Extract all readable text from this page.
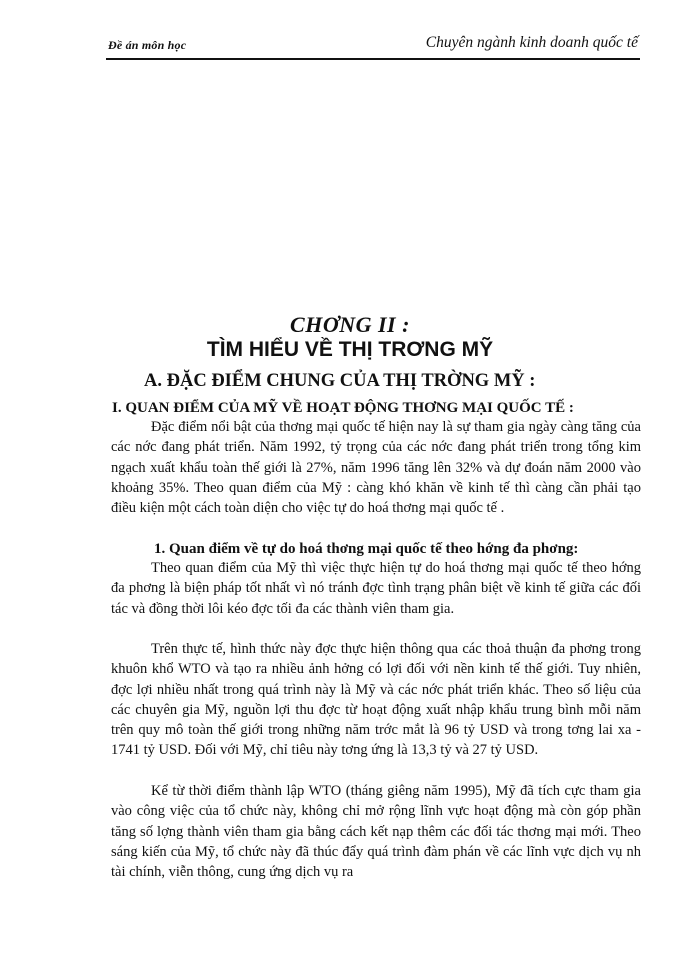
Đề án môn học	Chuyên ngành kinh doanh quốc tế
CHƠNG II :
TÌM HIỂU VỀ THỊ TRƠNG MỸ
A. ĐẶC ĐIỂM CHUNG CỦA THỊ TRỜNG MỸ :
I. QUAN ĐIỂM CỦA MỸ VỀ HOẠT ĐỘNG THƠNG MẠI QUỐC TẾ :

Đặc điểm nổi bật của thơng mại quốc tế hiện nay là sự tham gia ngày càng tăng của các nớc đang phát triển. Năm 1992, tỷ trọng của các nớc đang phát triển trong tổng kim ngạch xuất khẩu toàn thế giới là 27%, năm 1996 tăng lên 32% và dự đoán năm 2000 vào khoảng 35%. Theo quan điểm của Mỹ : càng khó khăn về kinh tế thì càng cần phải tạo điều kiện một cách toàn diện cho việc tự do hoá thơng mại quốc tế .

1. Quan điểm về tự do hoá thơng mại quốc tế theo hớng đa phơng:

Theo quan điểm của Mỹ thì việc thực hiện tự do hoá thơng mại quốc tế theo hớng đa phơng là biện pháp tốt nhất vì nó tránh đợc tình trạng phân biệt về kinh tế giữa các đối tác và đồng thời lôi kéo đợc tối đa các thành viên tham gia.

Trên thực tế, hình thức này đợc thực hiện thông qua các thoả thuận đa phơng trong khuôn khổ WTO và tạo ra nhiều ảnh hởng có lợi đối với nền kinh tế thế giới. Tuy nhiên, đợc lợi nhiều nhất trong quá trình này là Mỹ và các nớc phát triển khác. Theo số liệu của các chuyên gia Mỹ, nguồn lợi thu đợc từ hoạt động xuất nhập khẩu trung bình mỗi năm trên quy mô toàn thế giới trong những năm trớc mắt là 96 tỷ USD và trong tơng lai xa - 1741 tỷ USD. Đối với Mỹ, chỉ tiêu này tơng ứng là 13,3 tỷ và 27 tỷ USD.

Kể từ thời điểm thành lập WTO (tháng giêng năm 1995), Mỹ đã tích cực tham gia vào công việc của tổ chức này, không chỉ mở rộng lĩnh vực hoạt động mà còn góp phần tăng số lợng thành viên tham gia bằng cách kết nạp thêm các đối tác thơng mại mới. Theo sáng kiến của Mỹ, tổ chức này đã thúc đẩy quá trình đàm phán về các lĩnh vực dịch vụ nh tài chính, viễn thông, cung ứng dịch vụ ra
